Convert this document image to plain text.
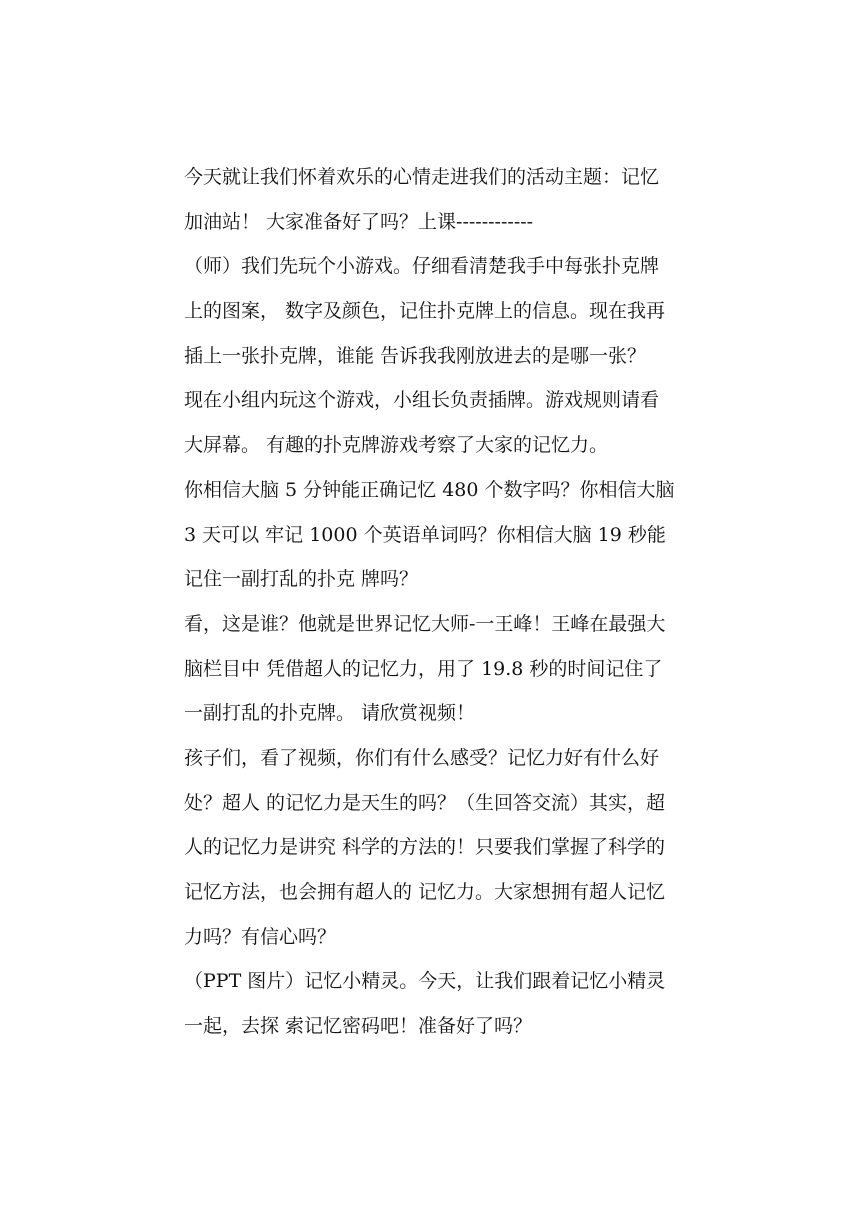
今天就让我们怀着欢乐的心情走进我们的活动主题：记忆
加油站！ 大家准备好了吗？上课------------
（师）我们先玩个小游戏。仔细看清楚我手中每张扑克牌
上的图案， 数字及颜色，记住扑克牌上的信息。现在我再
插上一张扑克牌，谁能 告诉我我刚放进去的是哪一张？
现在小组内玩这个游戏，小组长负责插牌。游戏规则请看
大屏幕。 有趣的扑克牌游戏考察了大家的记忆力。
你相信大脑 5 分钟能正确记忆 480 个数字吗？你相信大脑
3 天可以 牢记 1000 个英语单词吗？你相信大脑 19 秒能
记住一副打乱的扑克 牌吗？
看，这是谁？他就是世界记忆大师-一王峰！王峰在最强大
脑栏目中 凭借超人的记忆力，用了 19.8 秒的时间记住了
一副打乱的扑克牌。 请欣赏视频！
孩子们，看了视频，你们有什么感受？记忆力好有什么好
处？超人 的记忆力是天生的吗？（生回答交流）其实，超
人的记忆力是讲究 科学的方法的！只要我们掌握了科学的
记忆方法，也会拥有超人的 记忆力。大家想拥有超人记忆
力吗？有信心吗？
（PPT 图片）记忆小精灵。今天，让我们跟着记忆小精灵
一起，去探 索记忆密码吧！准备好了吗？
